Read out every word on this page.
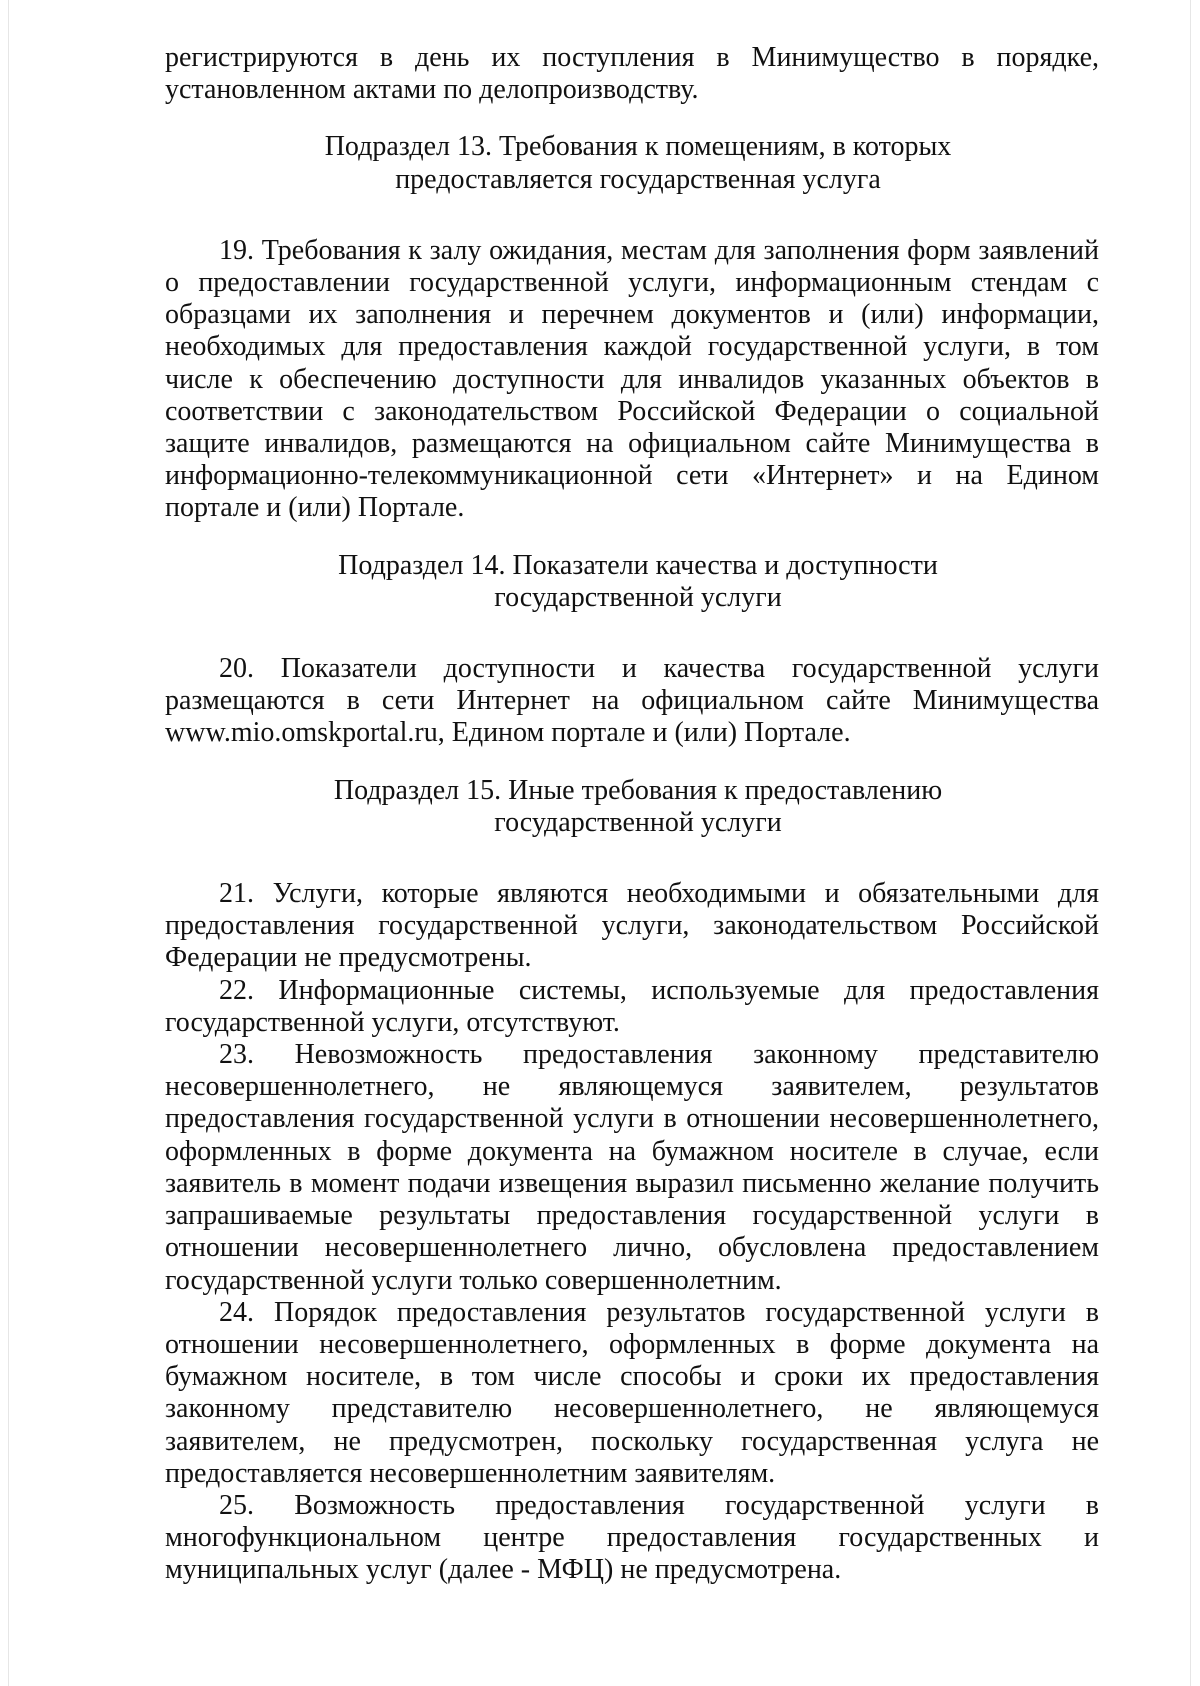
регистрируются в день их поступления в Минимущество в порядке, установленном актами по делопроизводству.

Подраздел 13. Требования к помещениям, в которых

предоставляется государственная услуга

19. Требования к залу ожидания, местам для заполнения форм заявлений о предоставлении государственной услуги, информационным стендам с образцами их заполнения и перечнем документов и (или) информации, необходимых для предоставления каждой государственной услуги, в том числе к обеспечению доступности для инвалидов указанных объектов в соответствии с законодательством Российской Федерации о социальной защите инвалидов, размещаются на официальном сайте Минимущества в информационно-телекоммуникационной сети «Интернет» и на Едином портале и (или) Портале.

Подраздел 14. Показатели качества и доступности

государственной услуги

20. Показатели доступности и качества государственной услуги размещаются в сети Интернет на официальном сайте Минимущества www.mio.omskportal.ru, Едином портале и (или) Портале.

Подраздел 15. Иные требования к предоставлению

государственной услуги

21. Услуги, которые являются необходимыми и обязательными для предоставления государственной услуги, законодательством Российской Федерации не предусмотрены.

22. Информационные системы, используемые для предоставления государственной услуги, отсутствуют.

23. Невозможность предоставления законному представителю несовершеннолетнего, не являющемуся заявителем, результатов предоставления государственной услуги в отношении несовершеннолетнего, оформленных в форме документа на бумажном носителе в случае, если заявитель в момент подачи извещения выразил письменно желание получить запрашиваемые результаты предоставления государственной услуги в отношении несовершеннолетнего лично, обусловлена предоставлением государственной услуги только совершеннолетним.

24. Порядок предоставления результатов государственной услуги в отношении несовершеннолетнего, оформленных в форме документа на бумажном носителе, в том числе способы и сроки их предоставления законному представителю несовершеннолетнего, не являющемуся заявителем, не предусмотрен, поскольку государственная услуга не предоставляется несовершеннолетним заявителям.

25. Возможность предоставления государственной услуги в многофункциональном центре предоставления государственных и муниципальных услуг (далее - МФЦ) не предусмотрена.
